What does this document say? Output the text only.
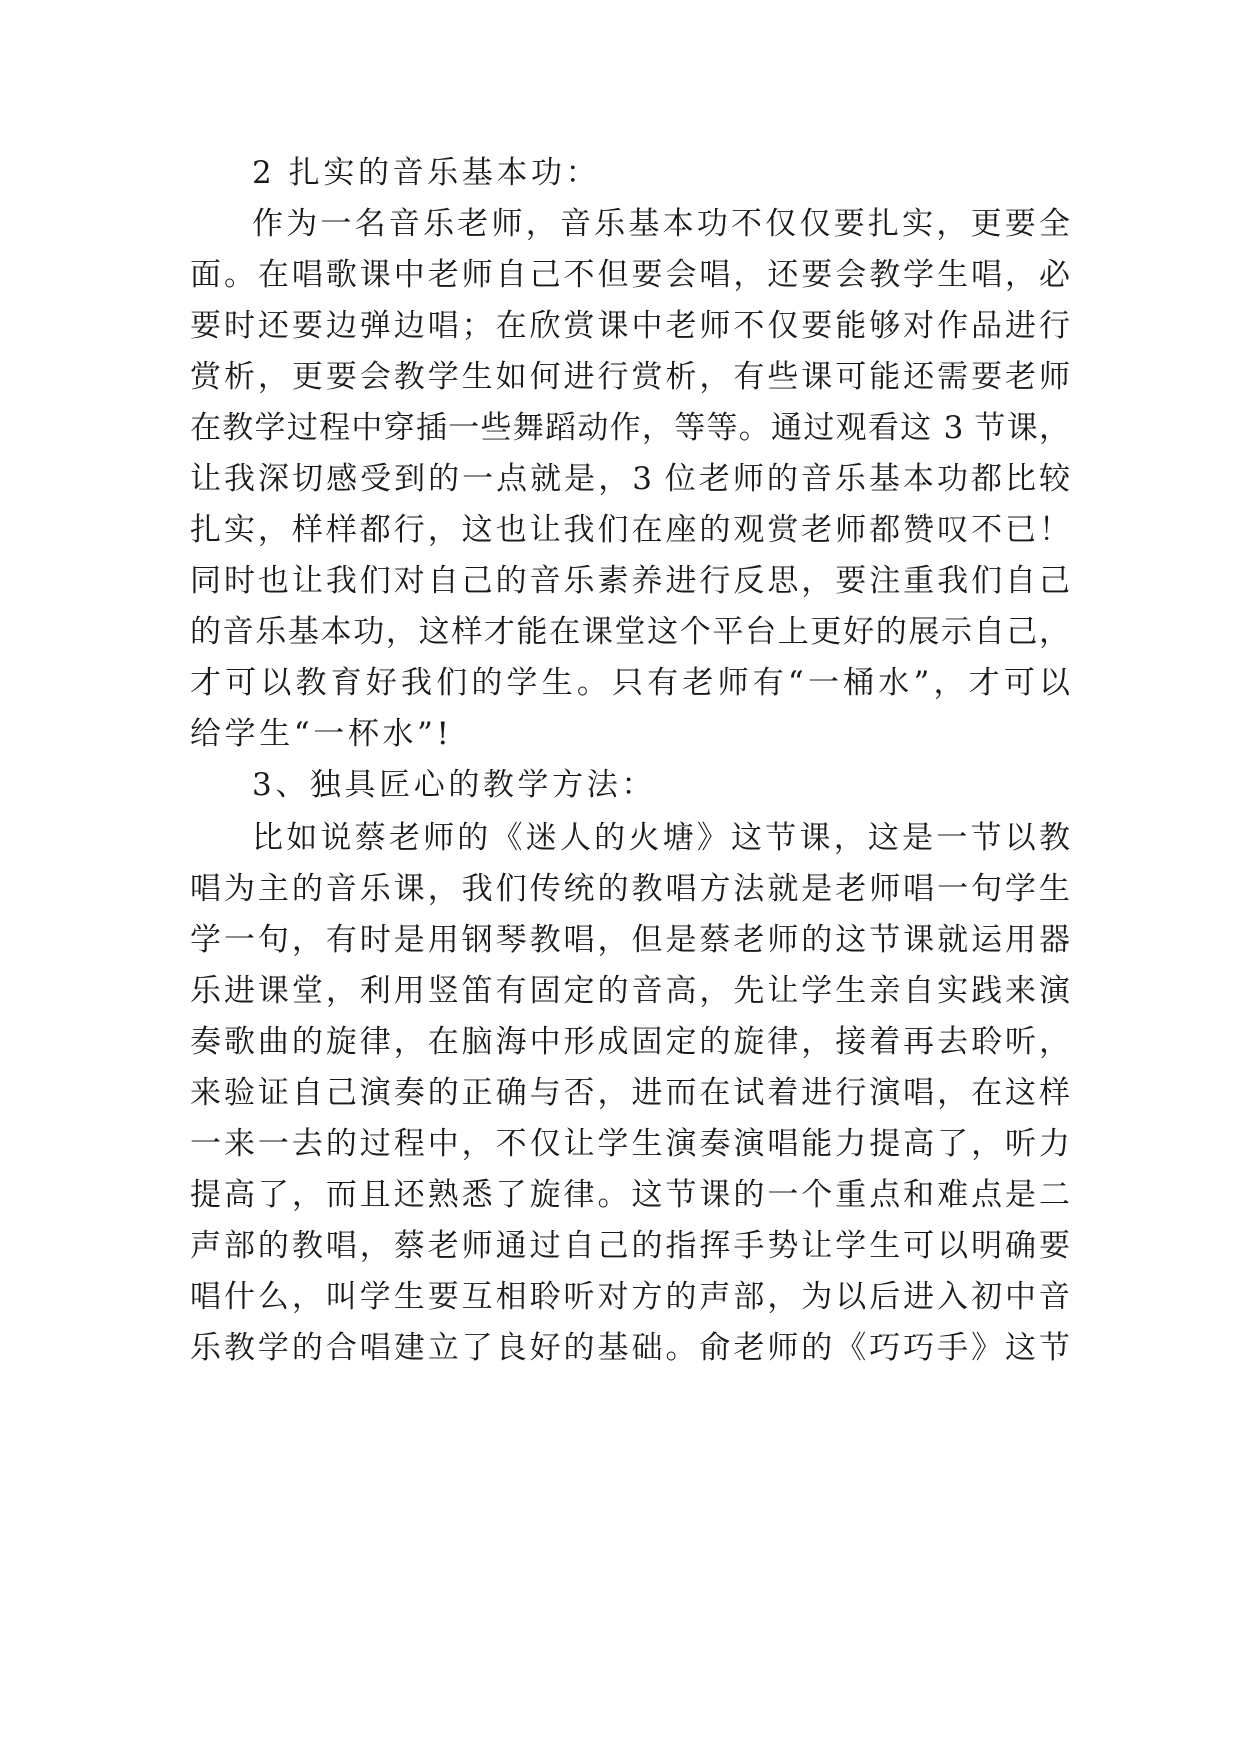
2 扎实的音乐基本功：

作为一名音乐老师，音乐基本功不仅仅要扎实，更要全

面。在唱歌课中老师自己不但要会唱，还要会教学生唱，必

要时还要边弹边唱；在欣赏课中老师不仅要能够对作品进行

赏析，更要会教学生如何进行赏析，有些课可能还需要老师

在教学过程中穿插一些舞蹈动作，等等。通过观看这 3 节课，

让我深切感受到的一点就是，3 位老师的音乐基本功都比较

扎实，样样都行，这也让我们在座的观赏老师都赞叹不已！

同时也让我们对自己的音乐素养进行反思，要注重我们自己

的音乐基本功，这样才能在课堂这个平台上更好的展示自己，

才可以教育好我们的学生。只有老师有“一桶水”，才可以

给学生“一杯水”!

3、独具匠心的教学方法：

比如说蔡老师的《迷人的火塘》这节课，这是一节以教

唱为主的音乐课，我们传统的教唱方法就是老师唱一句学生

学一句，有时是用钢琴教唱，但是蔡老师的这节课就运用器

乐进课堂，利用竖笛有固定的音高，先让学生亲自实践来演

奏歌曲的旋律，在脑海中形成固定的旋律，接着再去聆听，

来验证自己演奏的正确与否，进而在试着进行演唱，在这样

一来一去的过程中，不仅让学生演奏演唱能力提高了，听力

提高了，而且还熟悉了旋律。这节课的一个重点和难点是二

声部的教唱，蔡老师通过自己的指挥手势让学生可以明确要

唱什么，叫学生要互相聆听对方的声部，为以后进入初中音

乐教学的合唱建立了良好的基础。俞老师的《巧巧手》这节
